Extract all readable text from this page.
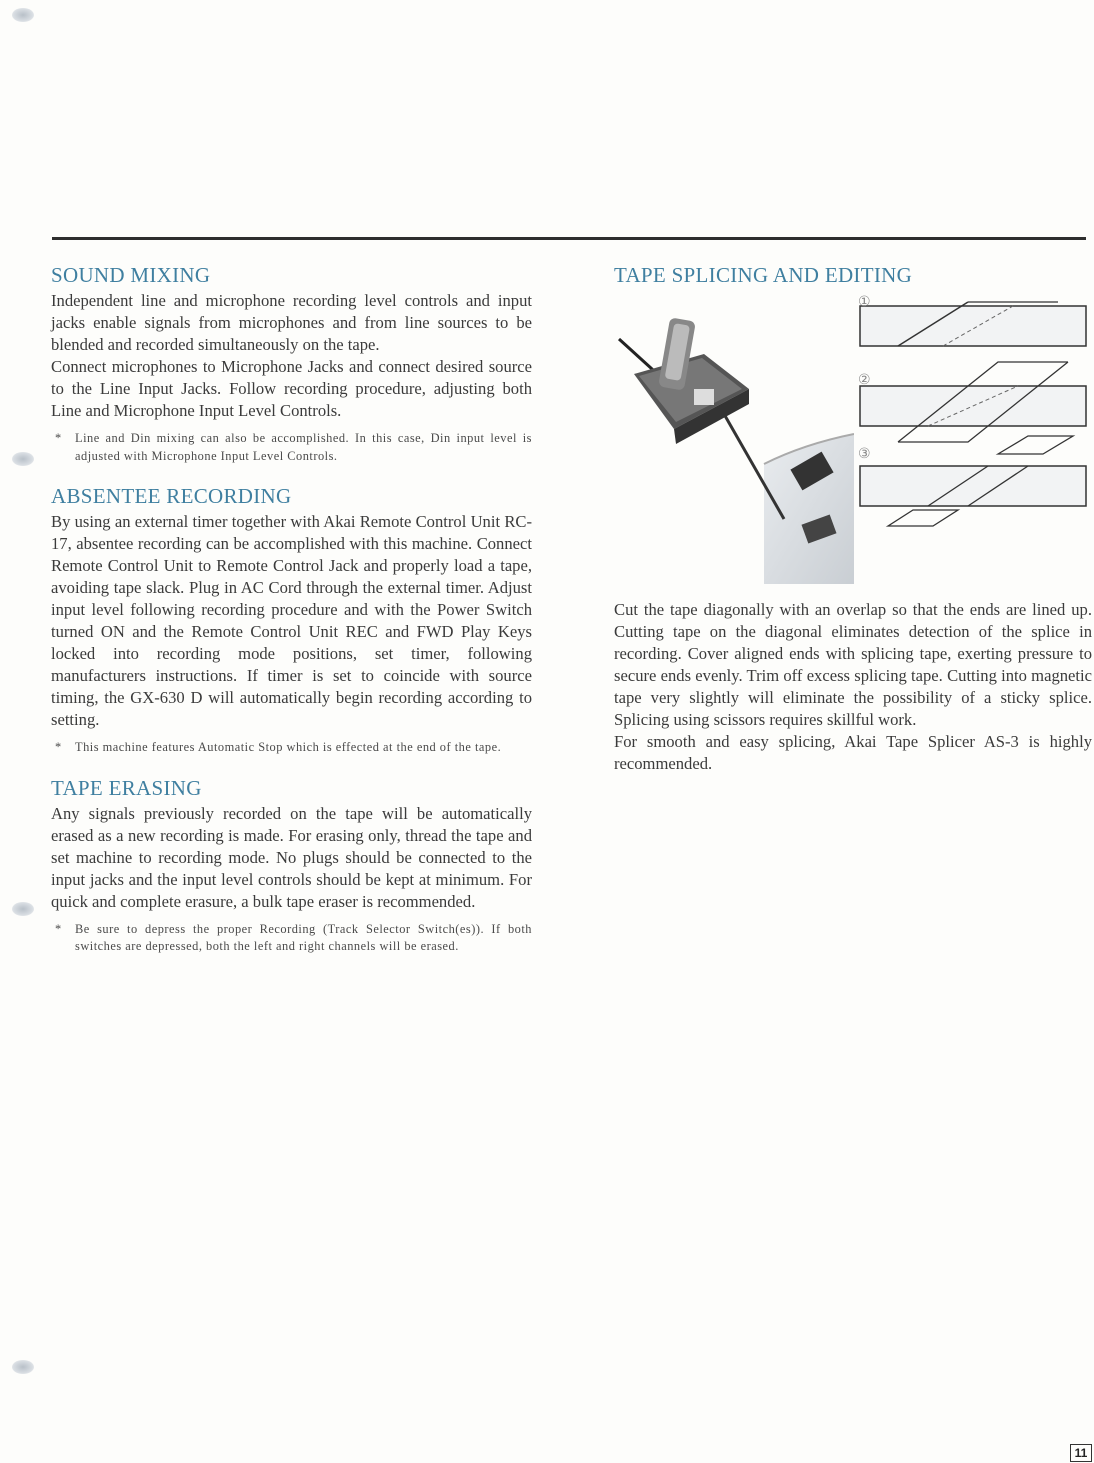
SOUND MIXING

Independent line and microphone recording level controls and input jacks enable signals from microphones and from line sources to be blended and recorded simultaneously on the tape.

Connect microphones to Microphone Jacks and connect desired source to the Line Input Jacks. Follow recording procedure, adjusting both Line and Microphone Input Level Controls.

* Line and Din mixing can also be accomplished. In this case, Din input level is adjusted with Microphone Input Level Controls.

ABSENTEE RECORDING

By using an external timer together with Akai Remote Control Unit RC-17, absentee recording can be accomplished with this machine. Connect Remote Control Unit to Remote Control Jack and properly load a tape, avoiding tape slack. Plug in AC Cord through the external timer. Adjust input level following recording procedure and with the Power Switch turned ON and the Remote Control Unit REC and FWD Play Keys locked into recording mode positions, set timer, following manufacturers instructions. If timer is set to coincide with source timing, the GX-630 D will automatically begin recording according to setting.

* This machine features Automatic Stop which is effected at the end of the tape.

TAPE ERASING

Any signals previously recorded on the tape will be automatically erased as a new recording is made. For erasing only, thread the tape and set machine to recording mode. No plugs should be connected to the input jacks and the input level controls should be kept at minimum. For quick and complete erasure, a bulk tape eraser is recommended.

* Be sure to depress the proper Recording (Track Selector Switch(es)). If both switches are depressed, both the left and right channels will be erased.

TAPE SPLICING AND EDITING
①
②
③

Cut the tape diagonally with an overlap so that the ends are lined up. Cutting tape on the diagonal eliminates detection of the splice in recording. Cover aligned ends with splicing tape, exerting pressure to secure ends evenly. Trim off excess splicing tape. Cutting into magnetic tape very slightly will eliminate the possibility of a sticky splice. Splicing using scissors requires skillful work.

For smooth and easy splicing, Akai Tape Splicer AS-3 is highly recommended.

11
